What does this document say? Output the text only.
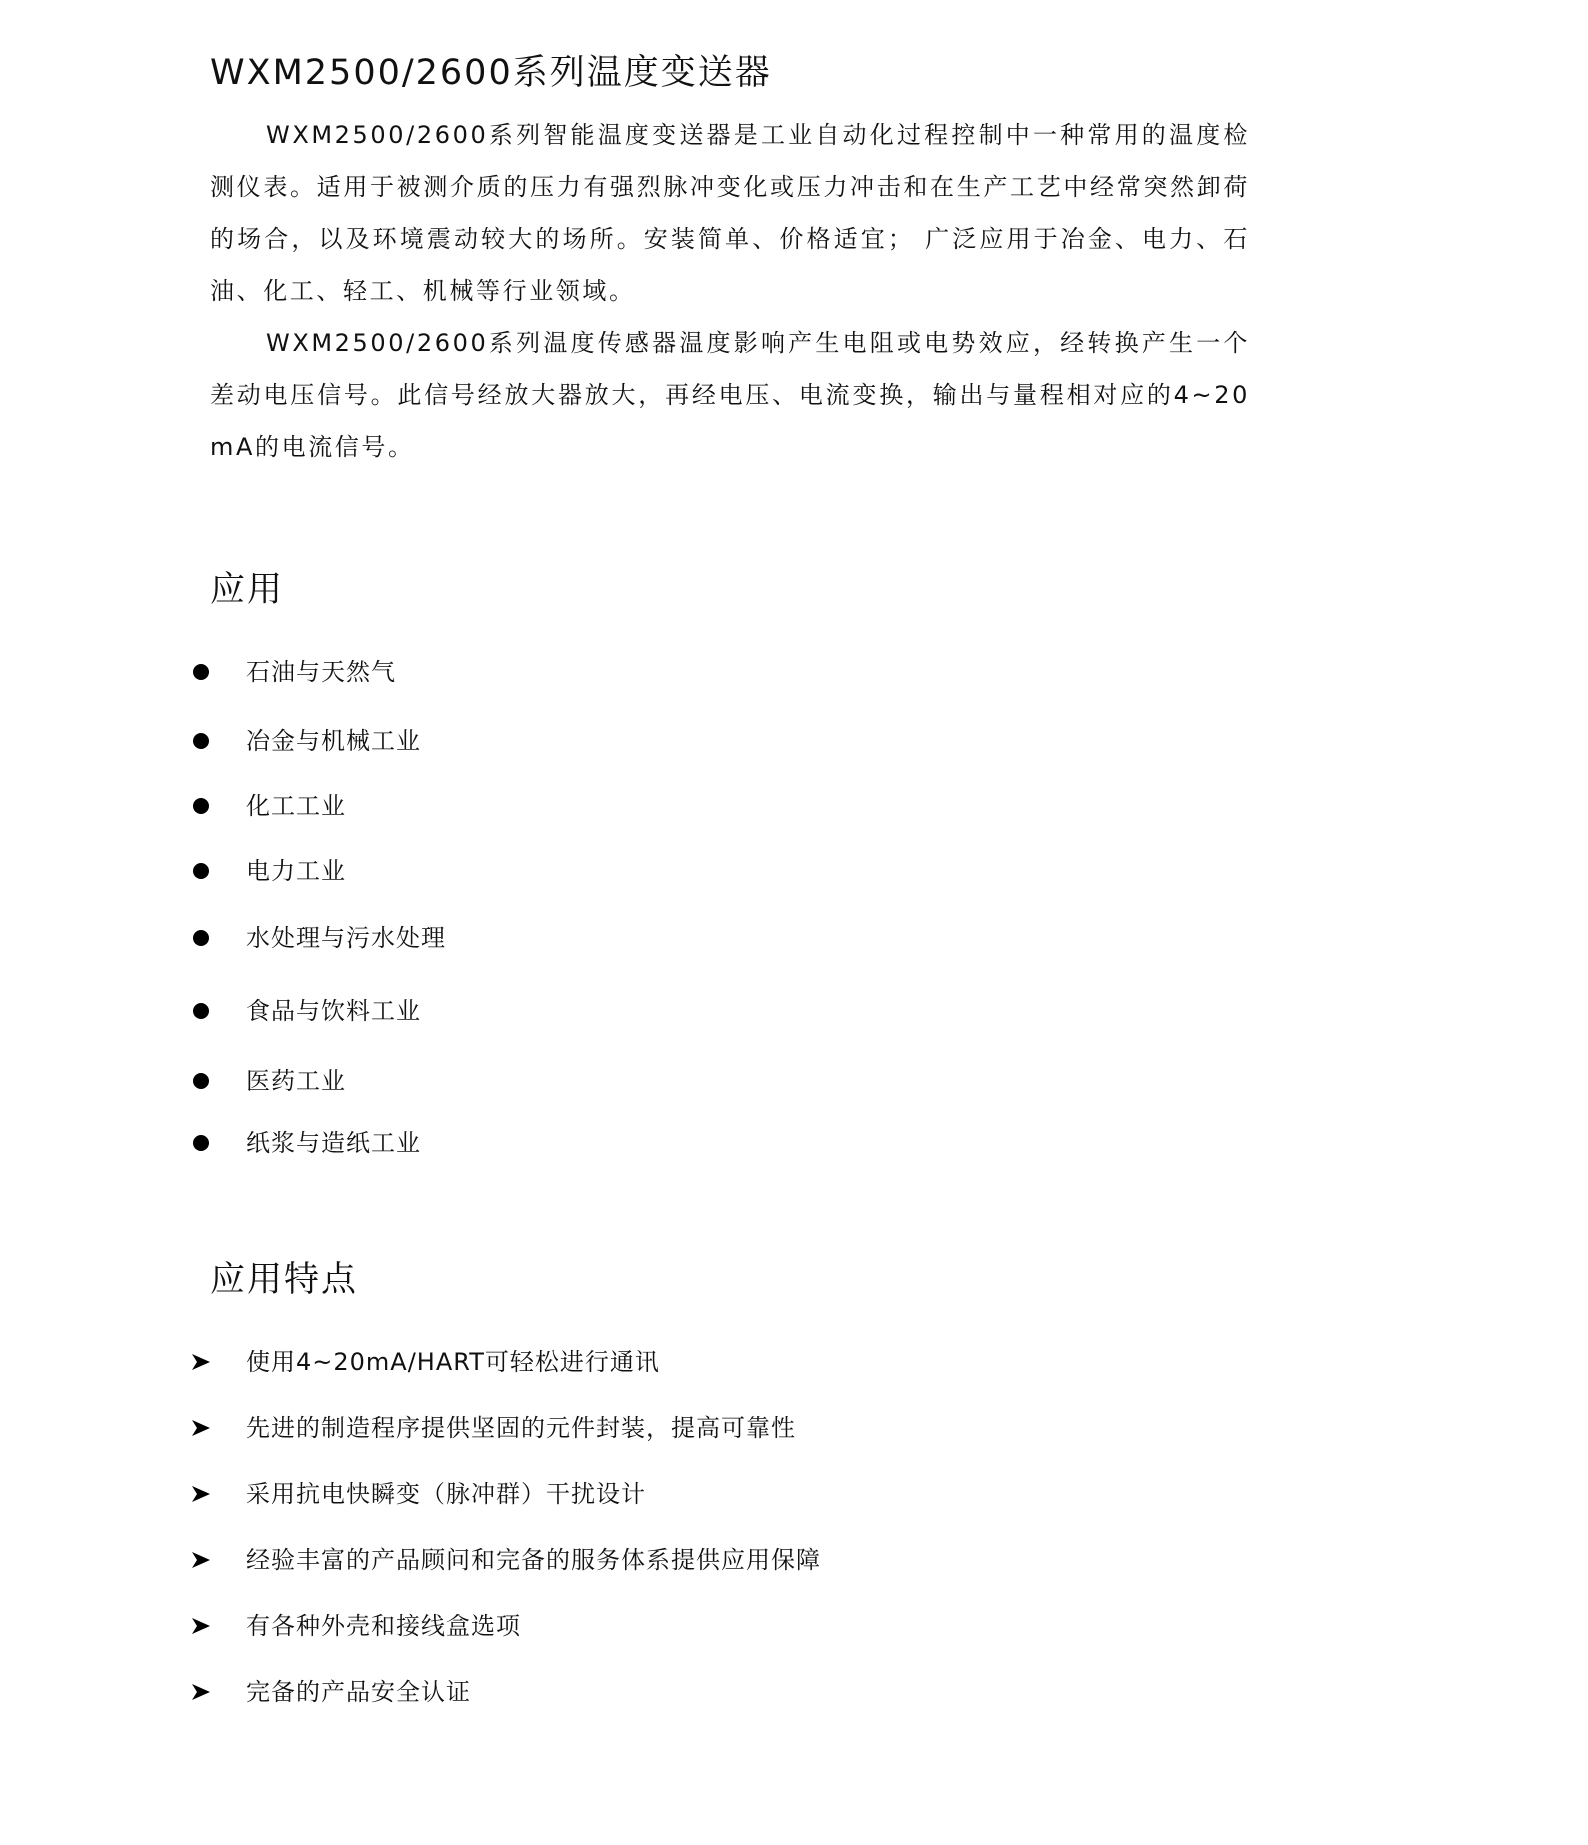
WXM2500/2600系列温度变送器

WXM2500/2600系列智能温度变送器是工业自动化过程控制中一种常用的温度检测仪表。适用于被测介质的压力有强烈脉冲变化或压力冲击和在生产工艺中经常突然卸荷的场合，以及环境震动较大的场所。安装简单、价格适宜； 广泛应用于冶金、电力、石油、化工、轻工、机械等行业领域。

WXM2500/2600系列温度传感器温度影响产生电阻或电势效应，经转换产生一个差动电压信号。此信号经放大器放大，再经电压、电流变换，输出与量程相对应的4~20 mA的电流信号。

应用
石油与天然气
冶金与机械工业
化工工业
电力工业
水处理与污水处理
食品与饮料工业
医药工业
纸浆与造纸工业
应用特点
使用4~20mA/HART可轻松进行通讯
先进的制造程序提供坚固的元件封装，提高可靠性
采用抗电快瞬变（脉冲群）干扰设计
经验丰富的产品顾问和完备的服务体系提供应用保障
有各种外壳和接线盒选项
完备的产品安全认证
